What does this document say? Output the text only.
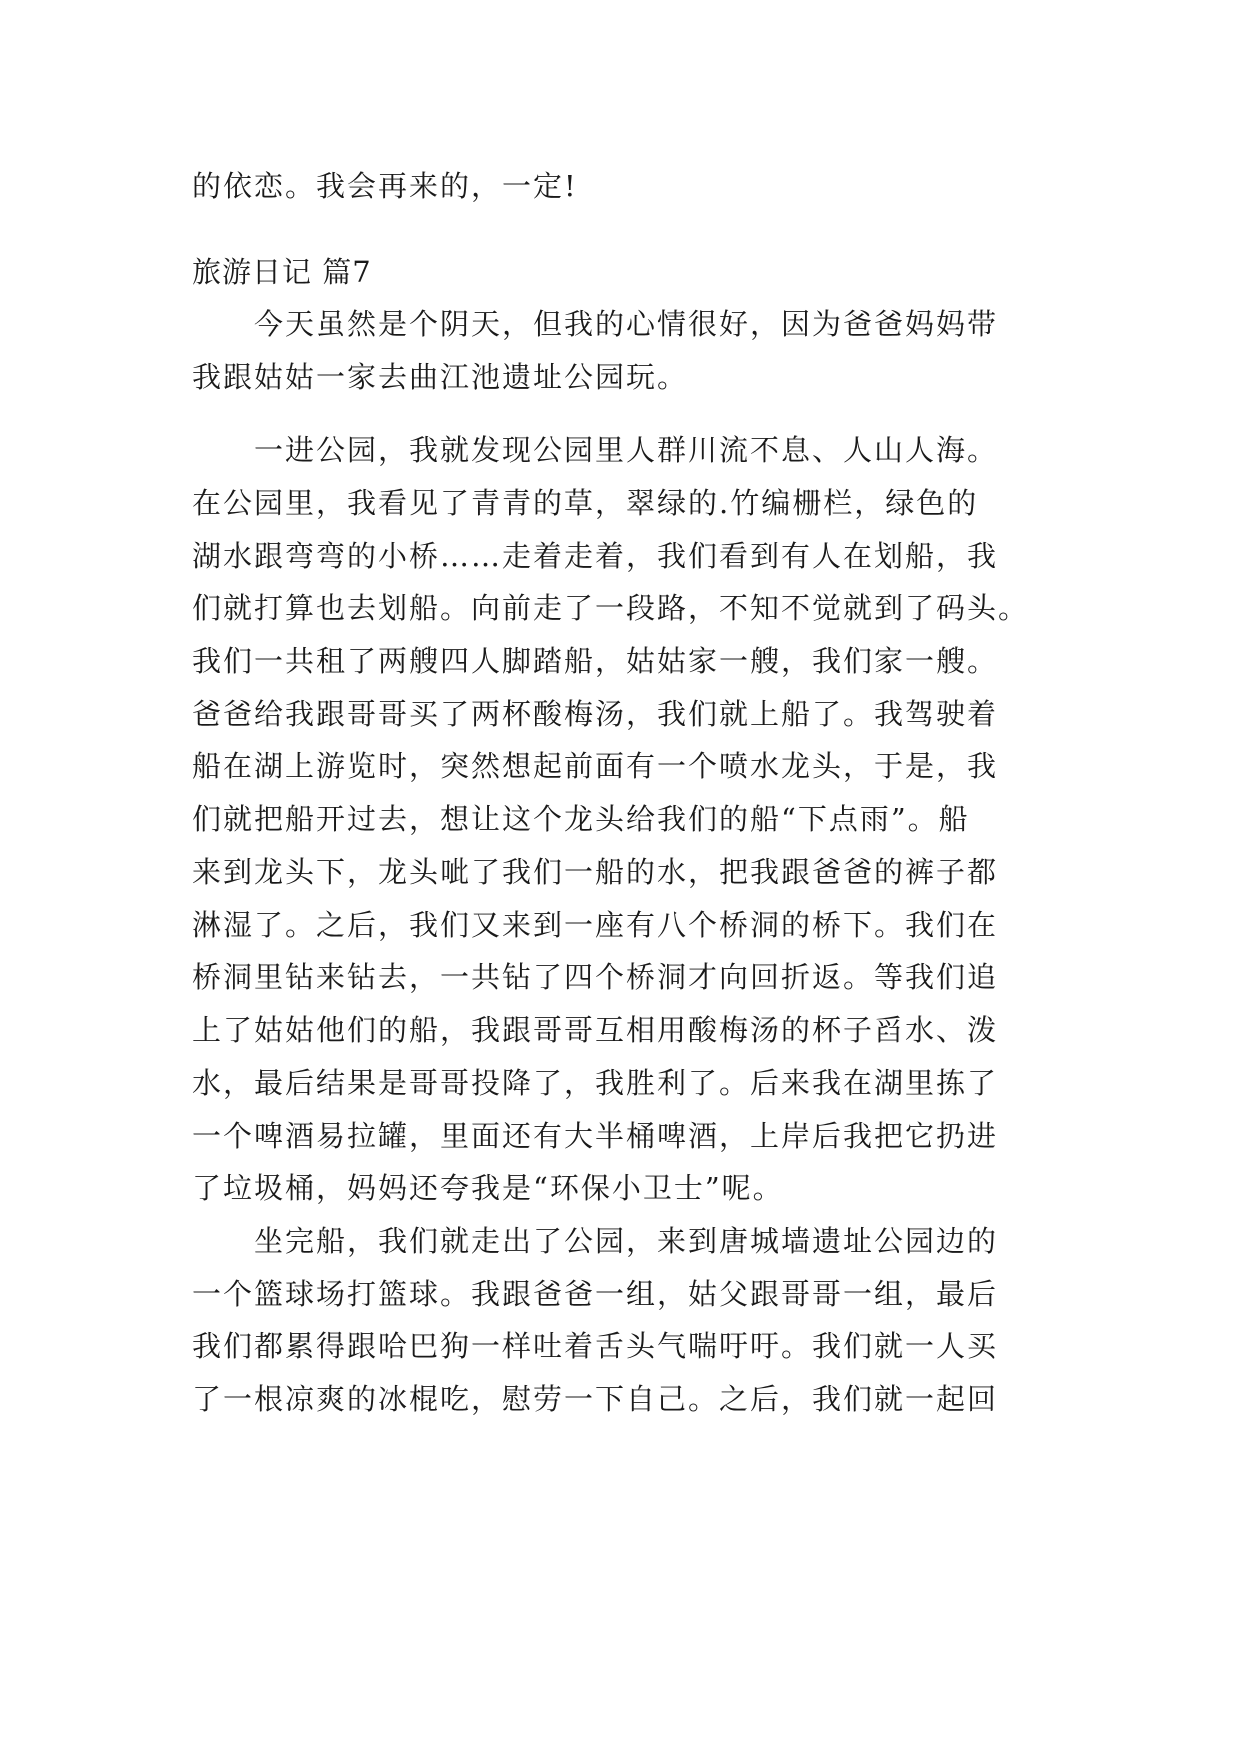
的依恋。我会再来的，一定!
旅游日记 篇7
　　今天虽然是个阴天，但我的心情很好，因为爸爸妈妈带
我跟姑姑一家去曲江池遗址公园玩。
　　一进公园，我就发现公园里人群川流不息、人山人海。
在公园里，我看见了青青的草，翠绿的.竹编栅栏，绿色的
湖水跟弯弯的小桥……走着走着，我们看到有人在划船，我
们就打算也去划船。向前走了一段路，不知不觉就到了码头。
我们一共租了两艘四人脚踏船，姑姑家一艘，我们家一艘。
爸爸给我跟哥哥买了两杯酸梅汤，我们就上船了。我驾驶着
船在湖上游览时，突然想起前面有一个喷水龙头，于是，我
们就把船开过去，想让这个龙头给我们的船“下点雨”。船
来到龙头下，龙头呲了我们一船的水，把我跟爸爸的裤子都
淋湿了。之后，我们又来到一座有八个桥洞的桥下。我们在
桥洞里钻来钻去，一共钻了四个桥洞才向回折返。等我们追
上了姑姑他们的船，我跟哥哥互相用酸梅汤的杯子舀水、泼
水，最后结果是哥哥投降了，我胜利了。后来我在湖里拣了
一个啤酒易拉罐，里面还有大半桶啤酒，上岸后我把它扔进
了垃圾桶，妈妈还夸我是“环保小卫士”呢。
　　坐完船，我们就走出了公园，来到唐城墙遗址公园边的
一个篮球场打篮球。我跟爸爸一组，姑父跟哥哥一组，最后
我们都累得跟哈巴狗一样吐着舌头气喘吁吁。我们就一人买
了一根凉爽的冰棍吃，慰劳一下自己。之后，我们就一起回
